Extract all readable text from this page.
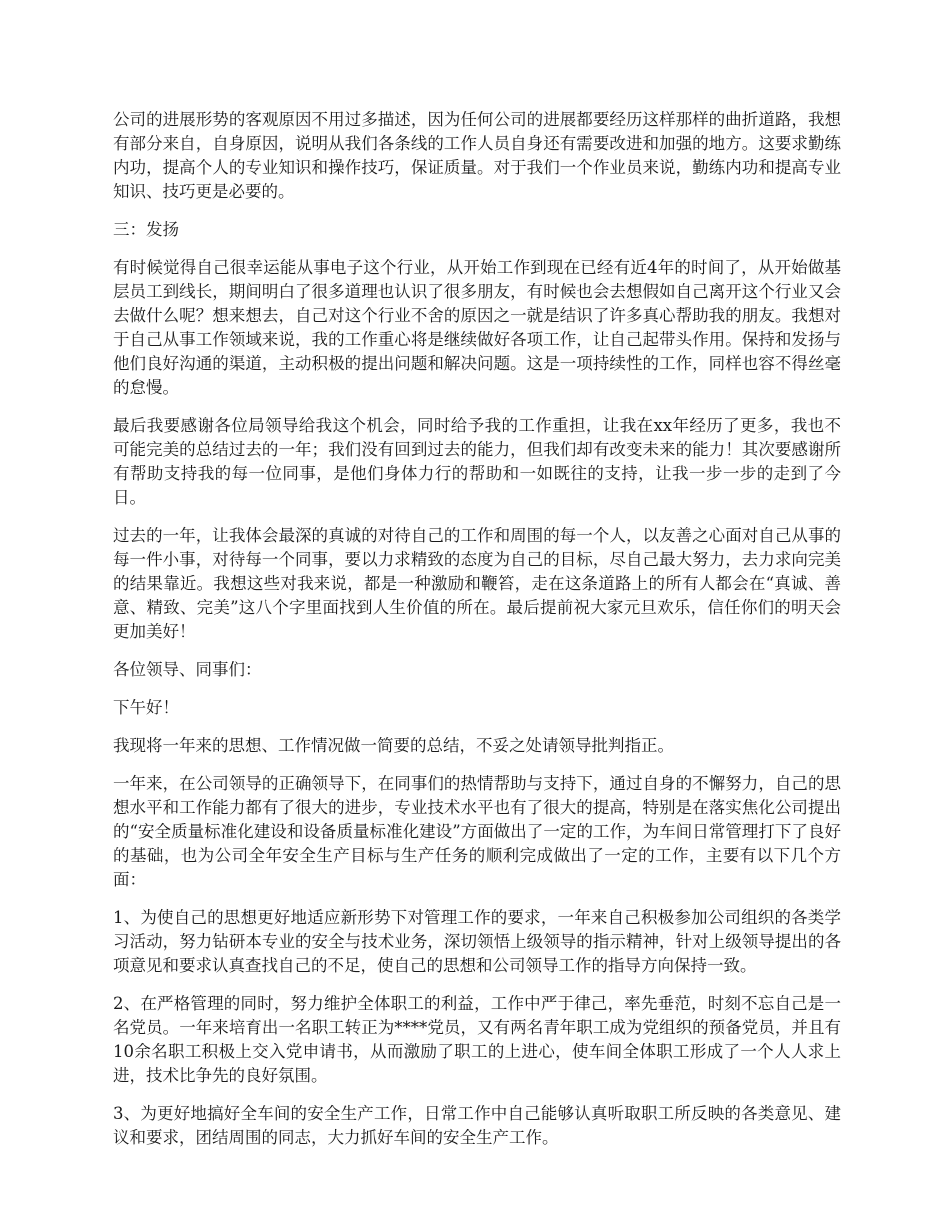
公司的进展形势的客观原因不用过多描述，因为任何公司的进展都要经历这样那样的曲折道路，我想有部分来自，自身原因，说明从我们各条线的工作人员自身还有需要改进和加强的地方。这要求勤练内功，提高个人的专业知识和操作技巧，保证质量。对于我们一个作业员来说，勤练内功和提高专业知识、技巧更是必要的。

三：发扬

有时候觉得自己很幸运能从事电子这个行业，从开始工作到现在已经有近4年的时间了，从开始做基层员工到线长，期间明白了很多道理也认识了很多朋友，有时候也会去想假如自己离开这个行业又会去做什么呢？想来想去，自己对这个行业不舍的原因之一就是结识了许多真心帮助我的朋友。我想对于自己从事工作领域来说，我的工作重心将是继续做好各项工作，让自己起带头作用。保持和发扬与他们良好沟通的渠道，主动积极的提出问题和解决问题。这是一项持续性的工作，同样也容不得丝毫的怠慢。

最后我要感谢各位局领导给我这个机会，同时给予我的工作重担，让我在xx年经历了更多，我也不可能完美的总结过去的一年；我们没有回到过去的能力，但我们却有改变未来的能力！其次要感谢所有帮助支持我的每一位同事，是他们身体力行的帮助和一如既往的支持，让我一步一步的走到了今日。

过去的一年，让我体会最深的真诚的对待自己的工作和周围的每一个人，以友善之心面对自己从事的每一件小事，对待每一个同事，要以力求精致的态度为自己的目标，尽自己最大努力，去力求向完美的结果靠近。我想这些对我来说，都是一种激励和鞭笞，走在这条道路上的所有人都会在“真诚、善意、精致、完美”这八个字里面找到人生价值的所在。最后提前祝大家元旦欢乐，信任你们的明天会更加美好！

各位领导、同事们：

下午好！

我现将一年来的思想、工作情况做一简要的总结，不妥之处请领导批判指正。

一年来，在公司领导的正确领导下，在同事们的热情帮助与支持下，通过自身的不懈努力，自己的思想水平和工作能力都有了很大的进步，专业技术水平也有了很大的提高，特别是在落实焦化公司提出的“安全质量标准化建设和设备质量标准化建设”方面做出了一定的工作，为车间日常管理打下了良好的基础，也为公司全年安全生产目标与生产任务的顺利完成做出了一定的工作，主要有以下几个方面：

1、为使自己的思想更好地适应新形势下对管理工作的要求，一年来自己积极参加公司组织的各类学习活动，努力钻研本专业的安全与技术业务，深切领悟上级领导的指示精神，针对上级领导提出的各项意见和要求认真查找自己的不足，使自己的思想和公司领导工作的指导方向保持一致。

2、在严格管理的同时，努力维护全体职工的利益，工作中严于律己，率先垂范，时刻不忘自己是一名党员。一年来培育出一名职工转正为****党员，又有两名青年职工成为党组织的预备党员，并且有10余名职工积极上交入党申请书，从而激励了职工的上进心，使车间全体职工形成了一个人人求上进，技术比争先的良好氛围。

3、为更好地搞好全车间的安全生产工作，日常工作中自己能够认真听取职工所反映的各类意见、建议和要求，团结周围的同志，大力抓好车间的安全生产工作。
